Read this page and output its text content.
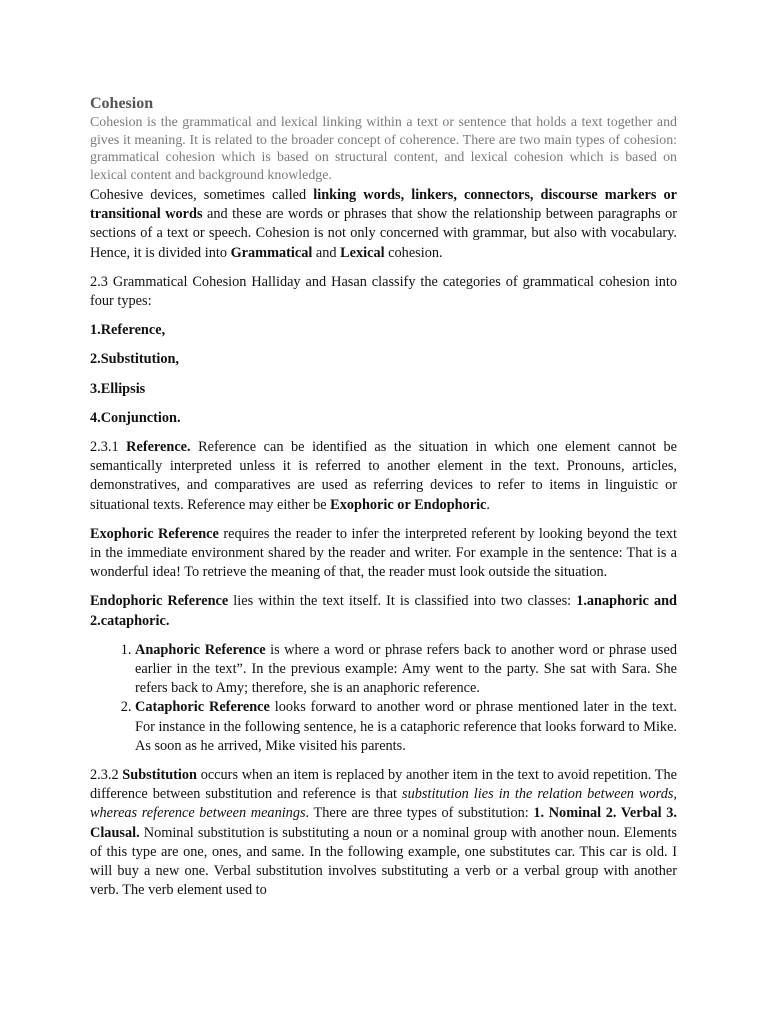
Cohesion

Cohesion is the grammatical and lexical linking within a text or sentence that holds a text together and gives it meaning. It is related to the broader concept of coherence. There are two main types of cohesion: grammatical cohesion which is based on structural content, and lexical cohesion which is based on lexical content and background knowledge.

Cohesive devices, sometimes called linking words, linkers, connectors, discourse markers or transitional words and these are words or phrases that show the relationship between paragraphs or sections of a text or speech. Cohesion is not only concerned with grammar, but also with vocabulary. Hence, it is divided into Grammatical and Lexical cohesion.

2.3 Grammatical Cohesion Halliday and Hasan classify the categories of grammatical cohesion into four types:

1.Reference,

2.Substitution,

3.Ellipsis

4.Conjunction.

2.3.1 Reference. Reference can be identified as the situation in which one element cannot be semantically interpreted unless it is referred to another element in the text. Pronouns, articles, demonstratives, and comparatives are used as referring devices to refer to items in linguistic or situational texts. Reference may either be Exophoric or Endophoric.

Exophoric Reference requires the reader to infer the interpreted referent by looking beyond the text in the immediate environment shared by the reader and writer. For example in the sentence: That is a wonderful idea! To retrieve the meaning of that, the reader must look outside the situation.

Endophoric Reference lies within the text itself. It is classified into two classes: 1.anaphoric and 2.cataphoric.

1. Anaphoric Reference is where a word or phrase refers back to another word or phrase used earlier in the text”. In the previous example: Amy went to the party. She sat with Sara. She refers back to Amy; therefore, she is an anaphoric reference.
2. Cataphoric Reference looks forward to another word or phrase mentioned later in the text. For instance in the following sentence, he is a cataphoric reference that looks forward to Mike. As soon as he arrived, Mike visited his parents.

2.3.2 Substitution occurs when an item is replaced by another item in the text to avoid repetition. The difference between substitution and reference is that substitution lies in the relation between words, whereas reference between meanings. There are three types of substitution: 1. Nominal 2. Verbal 3. Clausal. Nominal substitution is substituting a noun or a nominal group with another noun. Elements of this type are one, ones, and same. In the following example, one substitutes car. This car is old. I will buy a new one. Verbal substitution involves substituting a verb or a verbal group with another verb. The verb element used to
